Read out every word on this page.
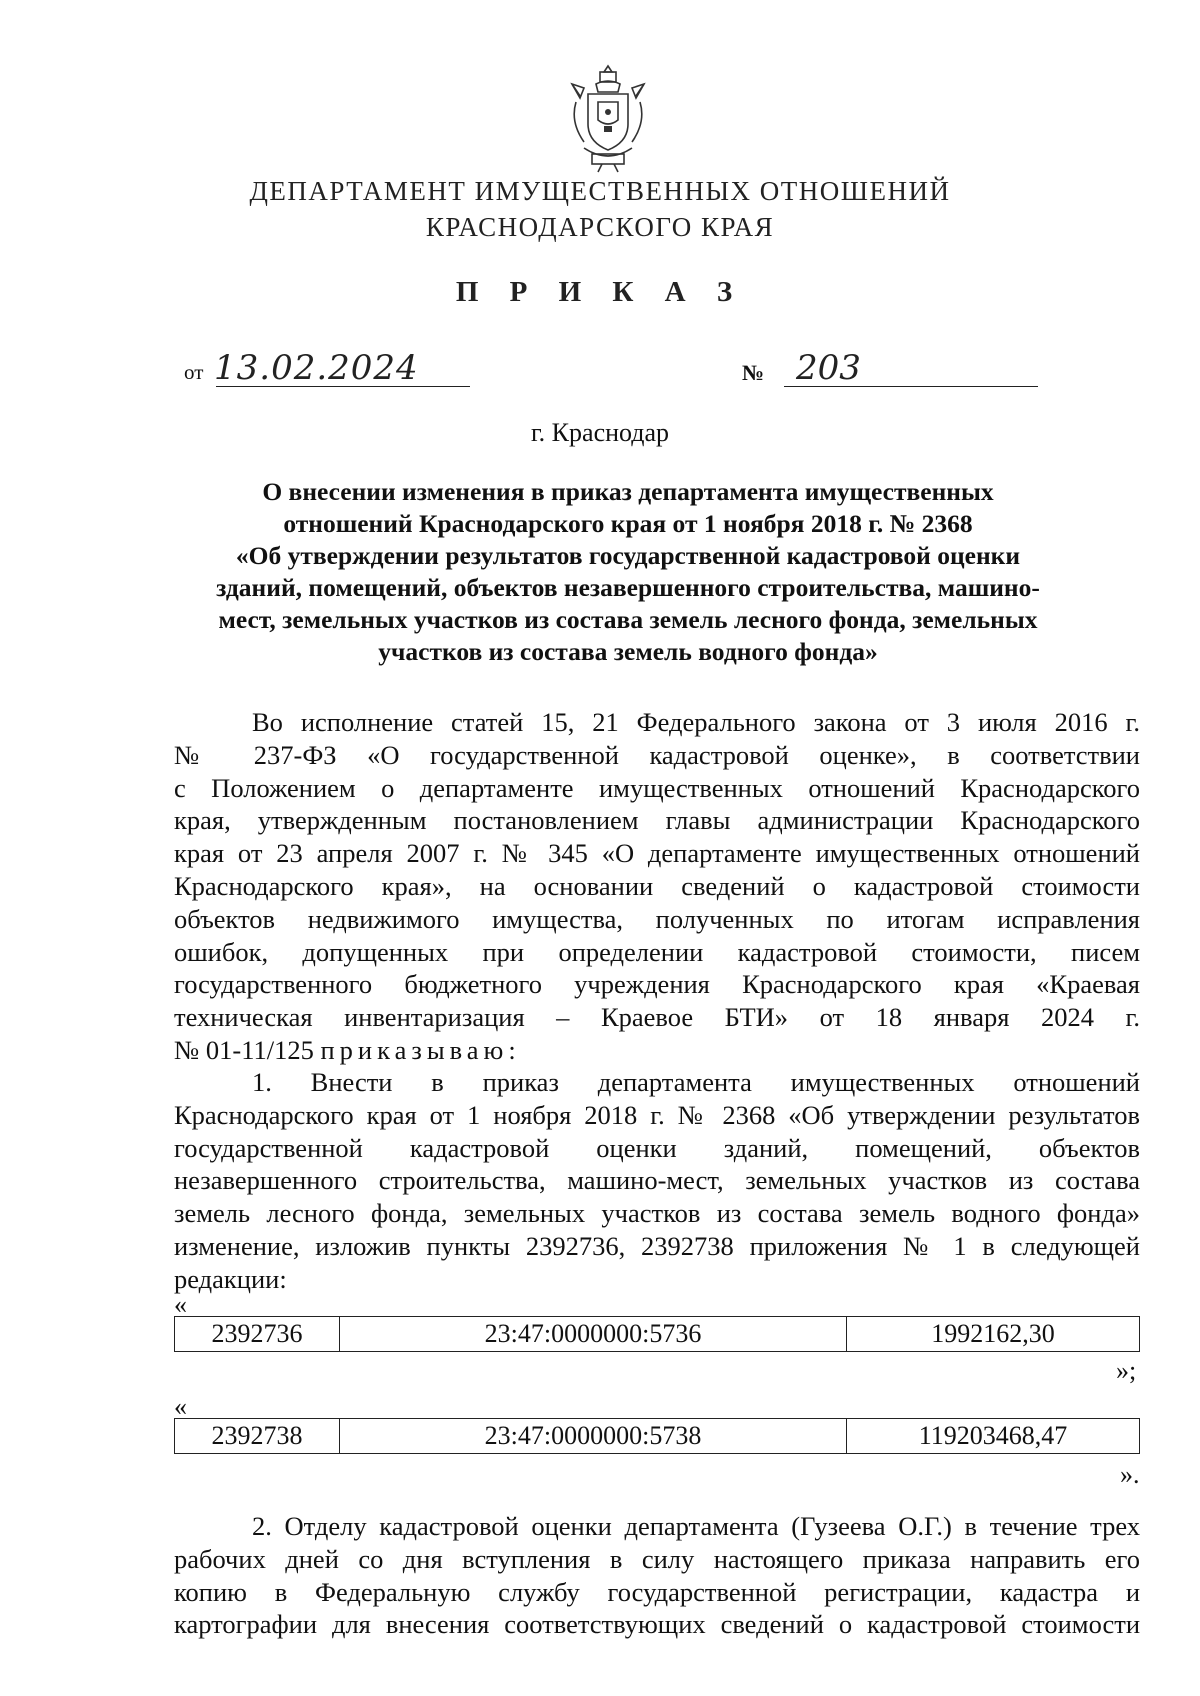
ДЕПАРТАМЕНТ ИМУЩЕСТВЕННЫХ ОТНОШЕНИЙ
КРАСНОДАРСКОГО КРАЯ
П Р И К А З
от 13.02.2024	№ 203
г. Краснодар
О внесении изменения в приказ департамента имущественных
отношений Краснодарского края от 1 ноября 2018 г. № 2368
«Об утверждении результатов государственной кадастровой оценки
зданий, помещений, объектов незавершенного строительства, машино-
мест, земельных участков из состава земель лесного фонда, земельных
участков из состава земель водного фонда»
Во исполнение статей 15, 21 Федерального закона от 3 июля 2016 г.
№ 237-ФЗ «О государственной кадастровой оценке», в соответствии
с Положением о департаменте имущественных отношений Краснодарского
края, утвержденным постановлением главы администрации Краснодарского
края от 23 апреля 2007 г. № 345 «О департаменте имущественных отношений
Краснодарского края», на основании сведений о кадастровой стоимости
объектов недвижимого имущества, полученных по итогам исправления
ошибок, допущенных при определении кадастровой стоимости, писем
государственного бюджетного учреждения Краснодарского края «Краевая
техническая инвентаризация – Краевое БТИ» от 18 января 2024 г.
№ 01-11/125 приказываю:
1. Внести в приказ департамента имущественных отношений
Краснодарского края от 1 ноября 2018 г. № 2368 «Об утверждении результатов
государственной кадастровой оценки зданий, помещений, объектов
незавершенного строительства, машино-мест, земельных участков из состава
земель лесного фонда, земельных участков из состава земель водного фонда»
изменение, изложив пункты 2392736, 2392738 приложения № 1 в следующей
редакции:
«
2392736	23:47:0000000:5736	1992162,30
»;
«
2392738	23:47:0000000:5738	119203468,47
».
2. Отделу кадастровой оценки департамента (Гузеева О.Г.) в течение трех
рабочих дней со дня вступления в силу настоящего приказа направить его
копию в Федеральную службу государственной регистрации, кадастра и
картографии для внесения соответствующих сведений о кадастровой стоимости
